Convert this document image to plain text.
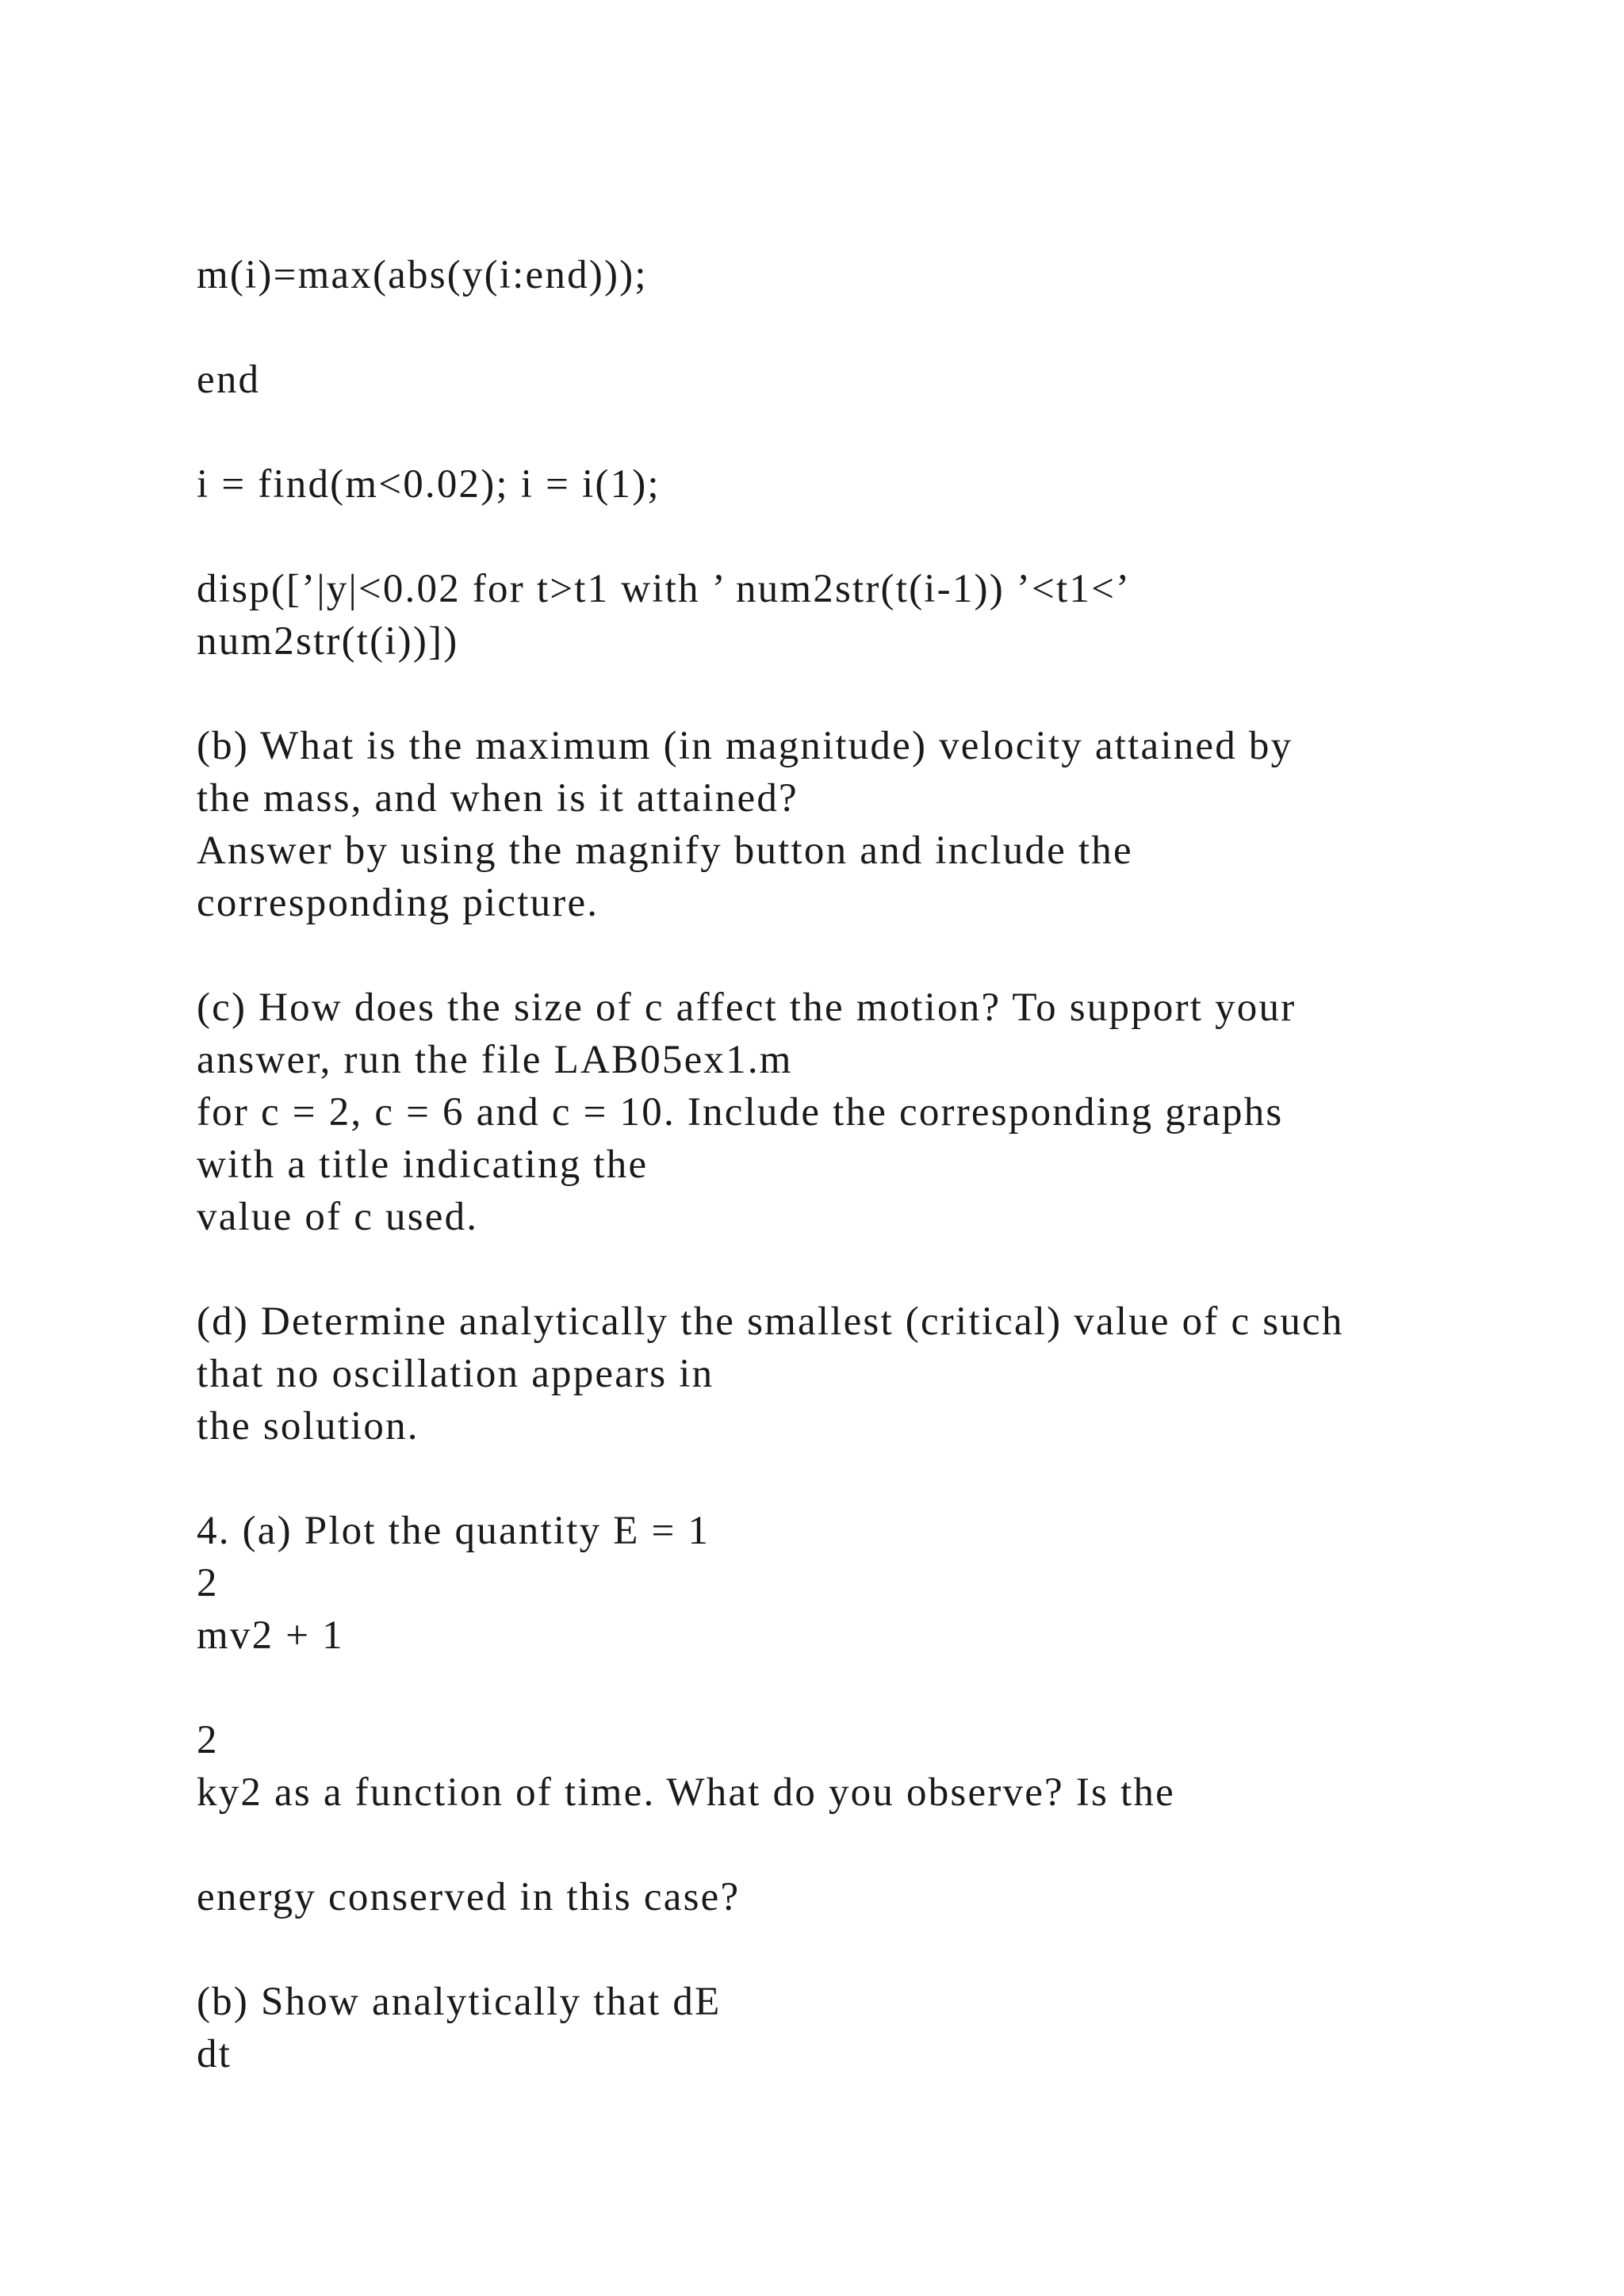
m(i)=max(abs(y(i:end)));

end

i = find(m<0.02); i = i(1);

disp([’|y|<0.02 for t>t1 with ’ num2str(t(i-1)) ’<t1<’

num2str(t(i))])

(b) What is the maximum (in magnitude) velocity attained by

the mass, and when is it attained?

Answer by using the magnify button and include the

corresponding picture.

(c) How does the size of c affect the motion? To support your

answer, run the file LAB05ex1.m

for c = 2, c = 6 and c = 10. Include the corresponding graphs

with a title indicating the

value of c used.

(d) Determine analytically the smallest (critical) value of c such

that no oscillation appears in

the solution.

4. (a) Plot the quantity E = 1

2

mv2 + 1

2

ky2 as a function of time. What do you observe? Is the

energy conserved in this case?

(b) Show analytically that dE

dt
